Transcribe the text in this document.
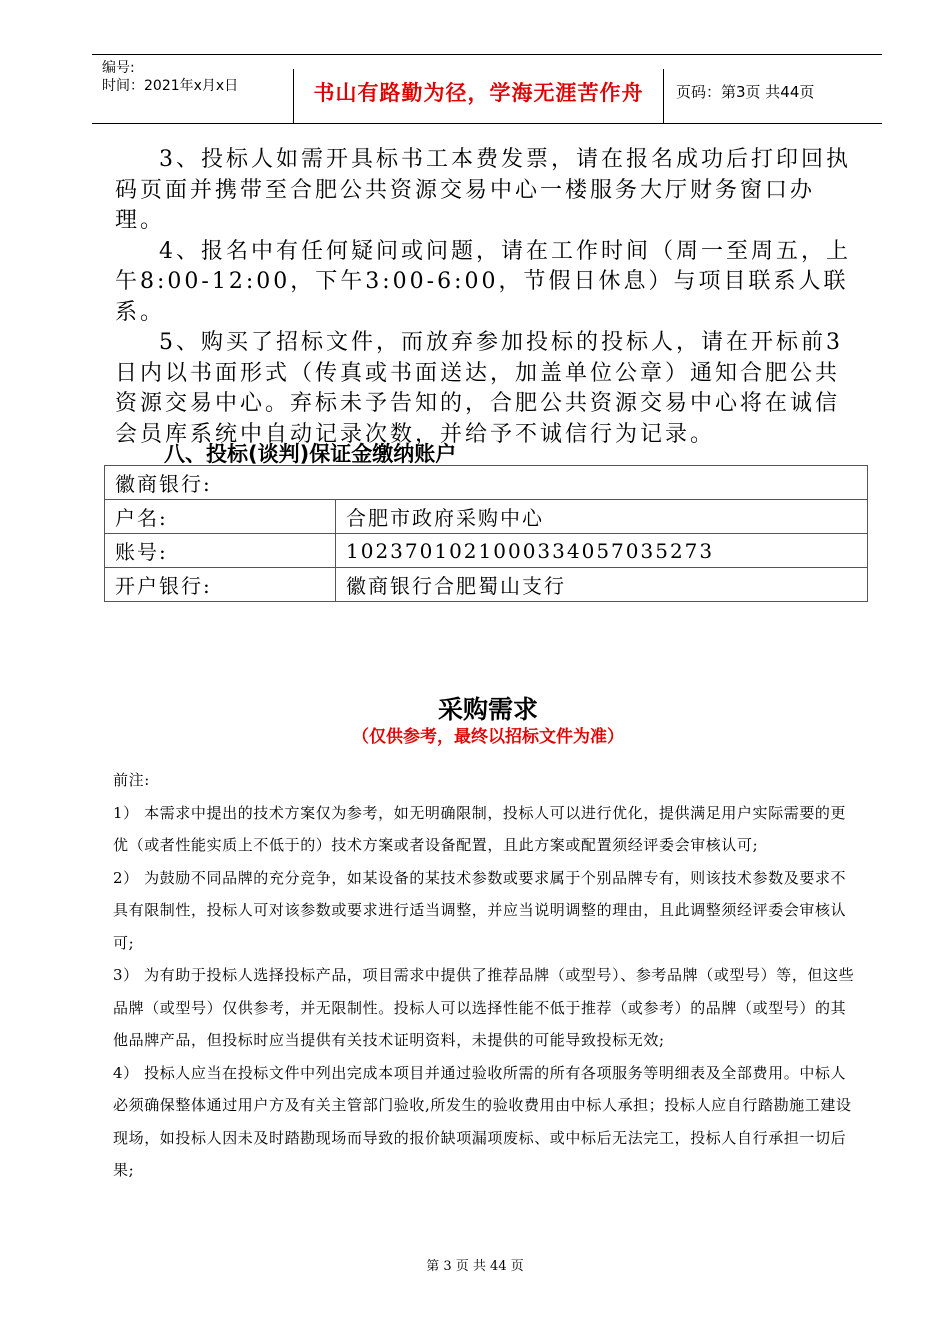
编号:
时间：2021年x月x日	书山有路勤为径，学海无涯苦作舟	页码：第3页 共44页

3、投标人如需开具标书工本费发票，请在报名成功后打印回执码页面并携带至合肥公共资源交易中心一楼服务大厅财务窗口办理。

4、报名中有任何疑问或问题，请在工作时间（周一至周五，上午8:00-12:00，下午3:00-6:00，节假日休息）与项目联系人联系。

5、购买了招标文件，而放弃参加投标的投标人，请在开标前3日内以书面形式（传真或书面送达，加盖单位公章）通知合肥公共资源交易中心。弃标未予告知的，合肥公共资源交易中心将在诚信会员库系统中自动记录次数，并给予不诚信行为记录。

八、投标(谈判)保证金缴纳账户
徽商银行:	
户名:	合肥市政府采购中心
账号:	1023701021000334057035273
开户银行:	徽商银行合肥蜀山支行
采购需求
（仅供参考，最终以招标文件为准）

前注:

1） 本需求中提出的技术方案仅为参考，如无明确限制，投标人可以进行优化，提供满足用户实际需要的更优（或者性能实质上不低于的）技术方案或者设备配置，且此方案或配置须经评委会审核认可;

2） 为鼓励不同品牌的充分竞争，如某设备的某技术参数或要求属于个别品牌专有，则该技术参数及要求不具有限制性，投标人可对该参数或要求进行适当调整，并应当说明调整的理由，且此调整须经评委会审核认可;

3） 为有助于投标人选择投标产品，项目需求中提供了推荐品牌（或型号）、参考品牌（或型号）等，但这些品牌（或型号）仅供参考，并无限制性。投标人可以选择性能不低于推荐（或参考）的品牌（或型号）的其他品牌产品，但投标时应当提供有关技术证明资料，未提供的可能导致投标无效;

4） 投标人应当在投标文件中列出完成本项目并通过验收所需的所有各项服务等明细表及全部费用。中标人必须确保整体通过用户方及有关主管部门验收,所发生的验收费用由中标人承担；投标人应自行踏勘施工建设现场，如投标人因未及时踏勘现场而导致的报价缺项漏项废标、或中标后无法完工，投标人自行承担一切后果;

第 3 页 共 44 页
